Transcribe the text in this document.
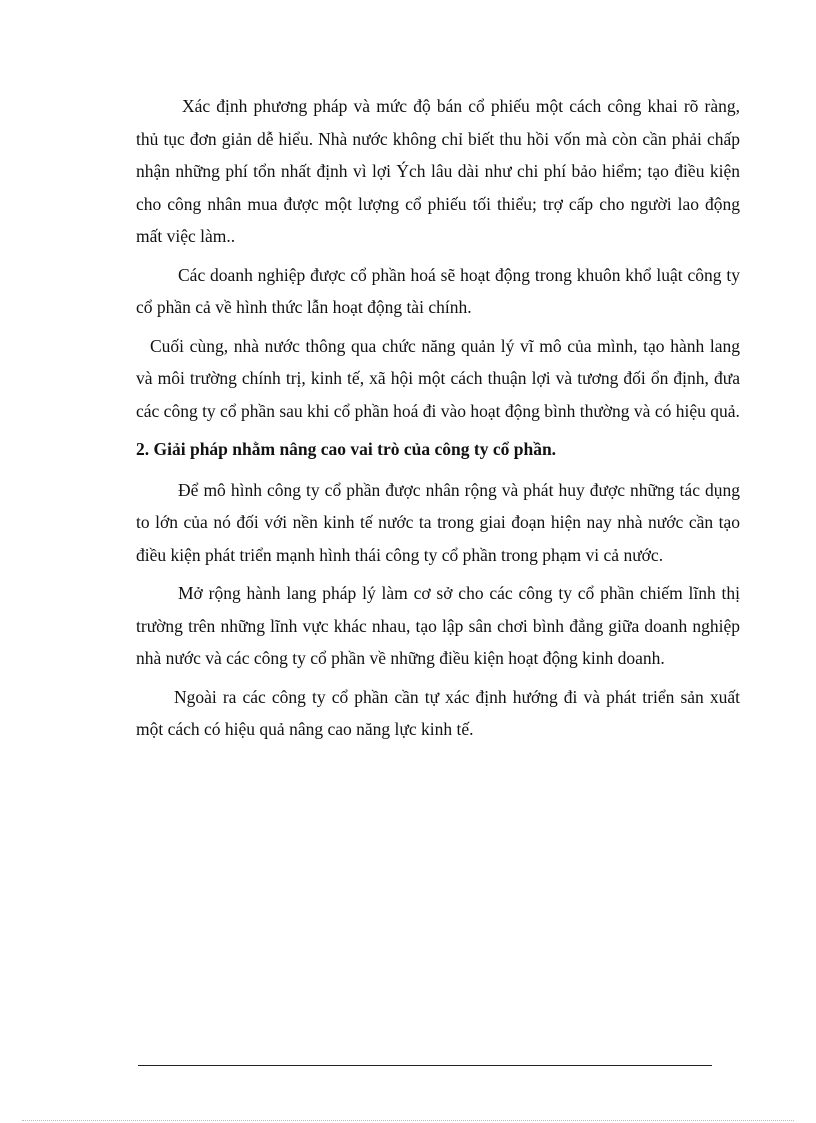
Xác định phương pháp và mức độ bán cổ phiếu một cách công khai rõ ràng, thủ tục đơn giản dễ hiểu. Nhà nước không chỉ biết thu hồi vốn mà còn cần phải chấp nhận những phí tổn nhất định vì lợi Ých lâu dài như chi phí bảo hiểm; tạo điều kiện cho công nhân mua được một lượng cổ phiếu tối thiểu; trợ cấp cho người lao động mất việc làm..

Các doanh nghiệp được cổ phần hoá sẽ hoạt động trong khuôn khổ luật công ty cổ phần cả về hình thức lẫn hoạt động tài chính.

Cuối cùng, nhà nước thông qua chức năng quản lý vĩ mô của mình, tạo hành lang và môi trường chính trị, kinh tế, xã hội một cách thuận lợi và tương đối ổn định, đưa các công ty cổ phần sau khi cổ phần hoá đi vào hoạt động bình thường và có hiệu quả.

2. Giải pháp nhằm nâng cao vai trò của công ty cổ phần.

Để mô hình công ty cổ phần được nhân rộng và phát huy được những tác dụng to lớn của nó đối với nền kinh tế nước ta trong giai đoạn hiện nay nhà nước cần tạo điều kiện phát triển mạnh hình thái công ty cổ phần trong phạm vi cả nước.

Mở rộng hành lang pháp lý làm cơ sở cho các công ty cổ phần chiếm lĩnh thị trường trên những lĩnh vực khác nhau, tạo lập sân chơi bình đẳng giữa doanh nghiệp nhà nước và các công ty cổ phần về những điều kiện hoạt động kinh doanh.

Ngoài ra các công ty cổ phần cần tự xác định hướng đi và phát triển sản xuất một cách có hiệu quả nâng cao năng lực kinh tế.
